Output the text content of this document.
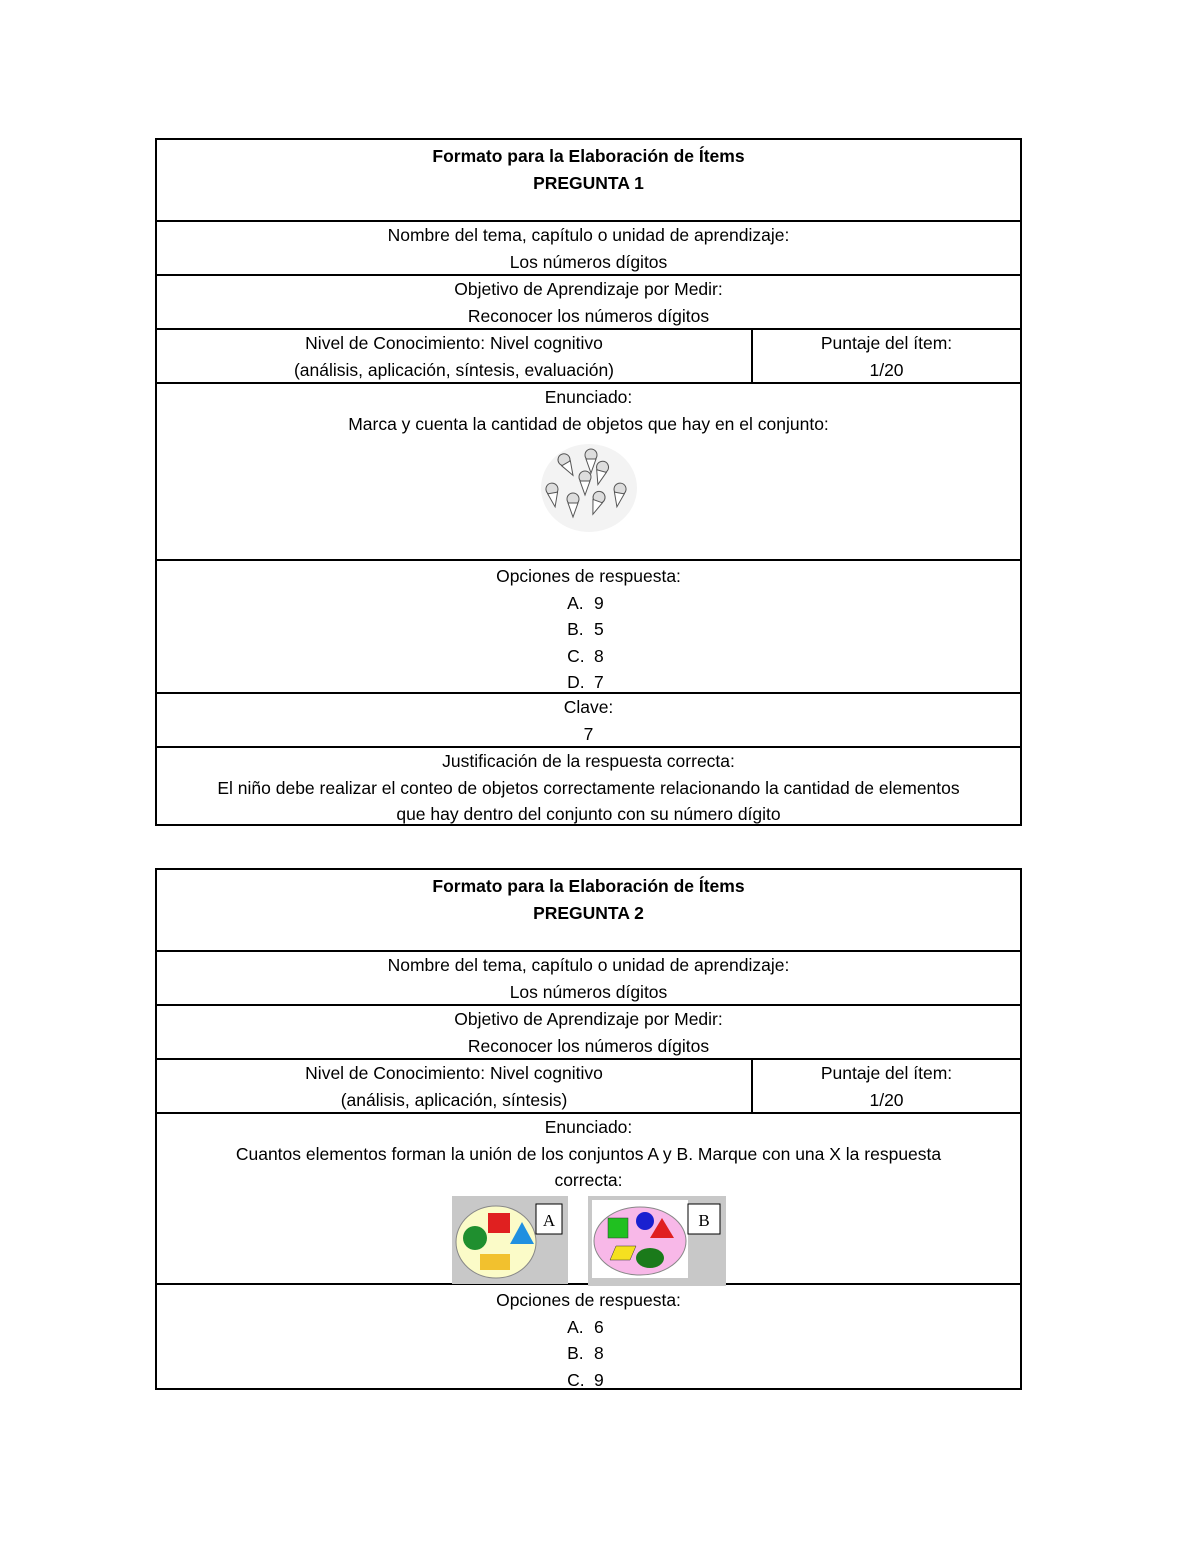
Formato para la Elaboración de Ítems
PREGUNTA 1
Nombre del tema, capítulo o unidad de aprendizaje:
Los números dígitos
Objetivo de Aprendizaje por Medir:
Reconocer los números dígitos
Nivel de Conocimiento: Nivel cognitivo
(análisis, aplicación, síntesis, evaluación)
Puntaje del ítem:
1/20
Enunciado:
Marca y cuenta la cantidad de objetos que hay en el conjunto:
Opciones de respuesta:
A. 9
B. 5
C. 8
D. 7
Clave:
7
Justificación de la respuesta correcta:
El niño debe realizar el conteo de objetos correctamente relacionando la cantidad de elementos
que hay dentro del conjunto con su número dígito
Formato para la Elaboración de Ítems
PREGUNTA 2
Nombre del tema, capítulo o unidad de aprendizaje:
Los números dígitos
Objetivo de Aprendizaje por Medir:
Reconocer los números dígitos
Nivel de Conocimiento: Nivel cognitivo
(análisis, aplicación, síntesis)
Puntaje del ítem:
1/20
Enunciado:
Cuantos elementos forman la unión de los conjuntos A y B. Marque con una X la respuesta
correcta:
A	B
Opciones de respuesta:
A. 6
B. 8
C. 9
